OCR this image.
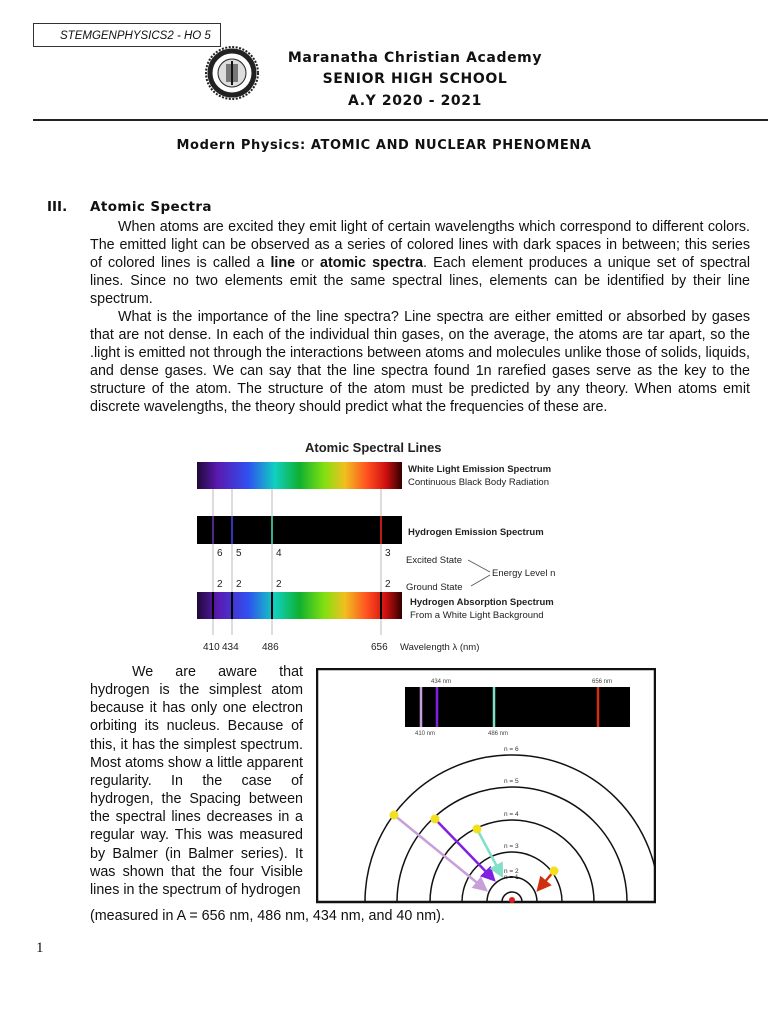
STEMGENPHYSICS2 - HO 5
Maranatha Christian Academy
SENIOR HIGH SCHOOL
A.Y 2020 - 2021
Modern Physics: ATOMIC AND NUCLEAR PHENOMENA
III. Atomic Spectra
When atoms are excited they emit light of certain wavelengths which correspond to different colors. The emitted light can be observed as a series of colored lines with dark spaces in between; this series of colored lines is called a line or atomic spectra. Each element produces a unique set of spectral lines. Since no two elements emit the same spectral lines, elements can be identified by their line spectrum.
What is the importance of the line spectra? Line spectra are either emitted or absorbed by gases that are not dense. In each of the individual thin gases, on the average, the atoms are tar apart, so the .light is emitted not through the interactions between atoms and molecules unlike those of solids, liquids, and dense gases. We can say that the line spectra found 1n rarefied gases serve as the key to the structure of the atom. The structure of the atom must be predicted by any theory. When atoms emit discrete wavelengths, the theory should predict what the frequencies of these are.
Atomic Spectral Lines
6
2
410
5
2
434
4
2
486
3
2
656
White Light Emission Spectrum
Continuous Black Body Radiation
Hydrogen Emission Spectrum
Excited State
Energy Level n
Ground State
Hydrogen Absorption Spectrum
From a White Light Background
Wavelength λ (nm)
We are aware that hydrogen is the simplest atom because it has only one electron orbiting its nucleus. Because of this, it has the simplest spectrum. Most atoms show a little apparent regularity. In the case of hydrogen, the Spacing between the spectral lines decreases in a regular way. This was measured by Balmer (in Balmer series). It was shown that the four Visible lines in the spectrum of hydrogen
(measured in A = 656 nm, 486 nm, 434 nm, and 40 nm).
410 nm
434 nm
486 nm
656 nm
n = 1
n = 2
n = 3
n = 4
n = 5
n = 6
1
